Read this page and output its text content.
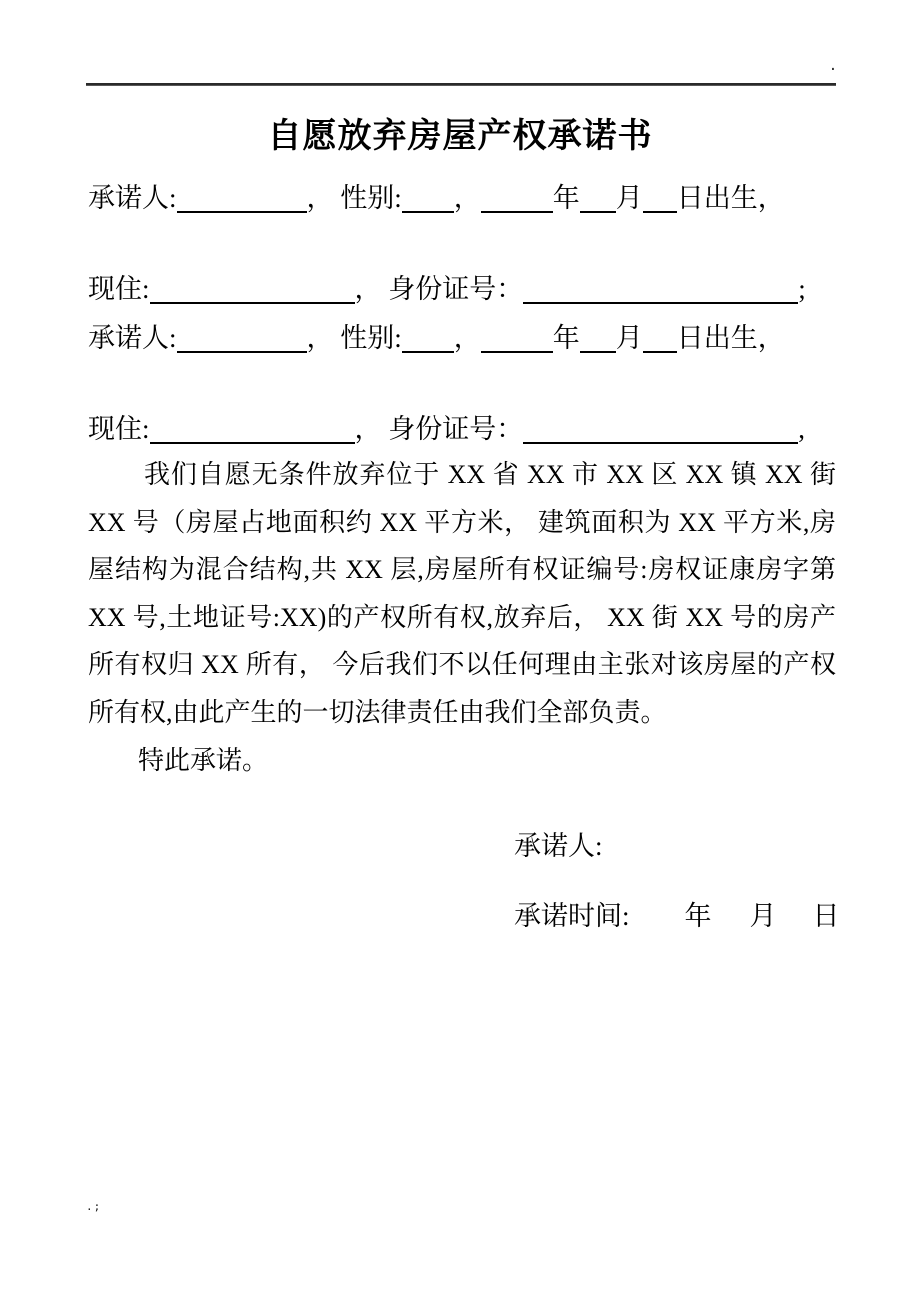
.
自愿放弃房屋产权承诺书
承诺人:	， 性别:，	年 月 日出生，
现住:	， 身份证号：	;
承诺人:	， 性别:，	年 月 日出生，
现住:	， 身份证号：	,

我们自愿无条件放弃位于 XX 省 XX 市 XX 区 XX 镇 XX 街 XX 号（房屋占地面积约 XX 平方米， 建筑面积为 XX 平方米,房屋结构为混合结构,共 XX 层,房屋所有权证编号:房权证康房字第 XX 号,土地证号:XX)的产权所有权,放弃后， XX 街 XX 号的房产所有权归 XX 所有， 今后我们不以任何理由主张对该房屋的产权所有权,由此产生的一切法律责任由我们全部负责。

特此承诺。

承诺人:
承诺时间: 年 月 日
.;
